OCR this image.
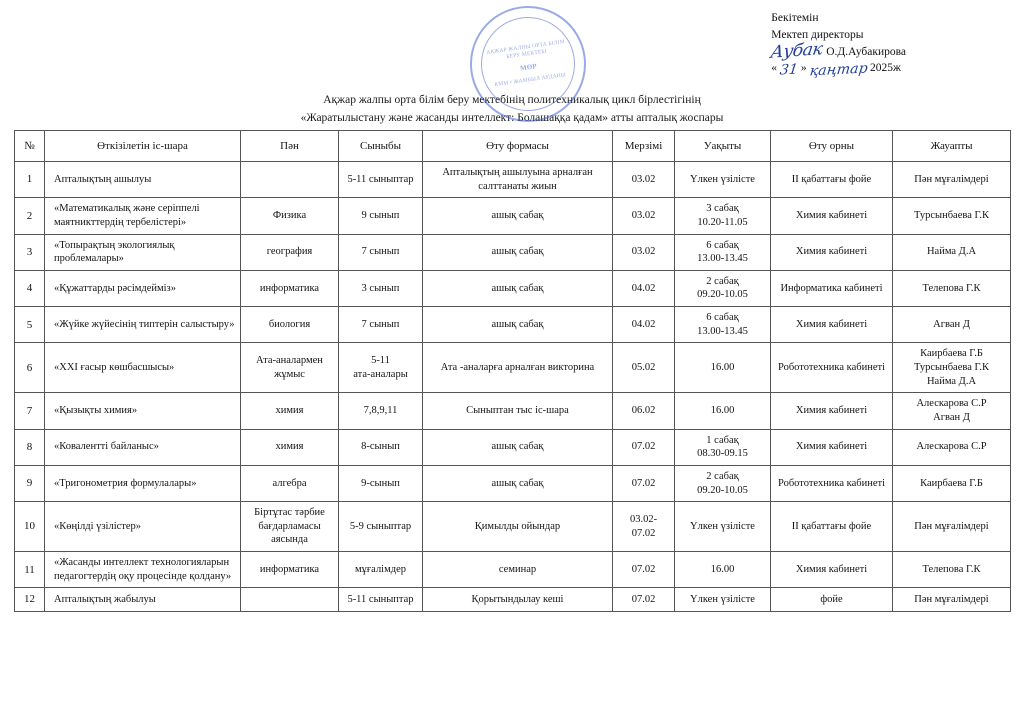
АҚЖАР ЖАЛПЫ ОРТА БІЛІМ БЕРУ МЕКТЕБІ
МӨР
КММ • ЖАМБЫЛ АУДАНЫ
Бекітемін
Мектеп директоры
Аубак О.Д.Аубакирова
« 31 » қаңтар 2025ж
Ақжар жалпы орта білім беру мектебінің политехникалық цикл бірлестігінің
«Жаратылыстану және жасанды интеллект: Болашаққа қадам» атты апталық жоспары
№	Өткізілетін іс-шара	Пән	Сыныбы	Өту формасы	Мерзімі	Уақыты	Өту орны	Жауапты

1	Апталықтың ашылуы		5-11 сыныптар	Апталықтың ашылуына арналған салттанаты жиын	03.02	Үлкен үзілісте	ІІ қабаттағы фойе	Пән мұғалімдері

2	«Математикалық және серіппелі маятникттердің тербелістері»	Физика	9 сынып	ашық сабақ	03.02	3 сабақ
10.20-11.05	Химия кабинеті	Турсынбаева Г.К

3	«Топырақтың экологиялық проблемалары»	география	7 сынып	ашық сабақ	03.02	6 сабақ
13.00-13.45	Химия кабинеті	Найма Д.А

4	«Құжаттарды рәсімдейміз»	информатика	3 сынып	ашық сабақ	04.02	2 сабақ
09.20-10.05	Информатика кабинеті	Телепова Г.К

5	«Жүйке жүйесінің типтерін салыстыру»	биология	7 сынып	ашық сабақ	04.02	6 сабақ
13.00-13.45	Химия кабинеті	Агван Д

6	«ХХІ ғасыр көшбасшысы»	Ата-аналармен жұмыс	5-11
ата-аналары	Ата -аналарға арналған викторина	05.02	16.00	Робототехника кабинеті	Каирбаева Г.Б
Турсынбаева Г.К
Найма Д.А

7	«Қызықты химия»	химия	7,8,9,11	Сыныптан тыс іс-шара	06.02	16.00	Химия кабинеті	Алескарова С.Р
Агван Д

8	«Коваленттi байланыс»	химия	8-сынып	ашық сабақ	07.02	1 сабақ
08.30-09.15	Химия кабинеті	Алескарова С.Р

9	«Тригонометрия формулалары»	алгебра	9-сынып	ашық сабақ	07.02	2 сабақ
09.20-10.05	Робототехника кабинеті	Каирбаева Г.Б

10	«Көңілді үзілістер»	Біртұтас тәрбие бағдарламасы аясында	5-9 сыныптар	Қимылды ойындар	03.02-
07.02	Үлкен үзілісте	ІІ қабаттағы фойе	Пән мұғалімдері

11	«Жасанды интеллект технологияларын педагогтердің оқу процесінде қолдану»	информатика	мұғалімдер	семинар	07.02	16.00	Химия кабинеті	Телепова Г.К

12	Апталықтың жабылуы		5-11 сыныптар	Қорытындылау кеші	07.02	Үлкен үзілісте	фойе	Пән мұғалімдері
